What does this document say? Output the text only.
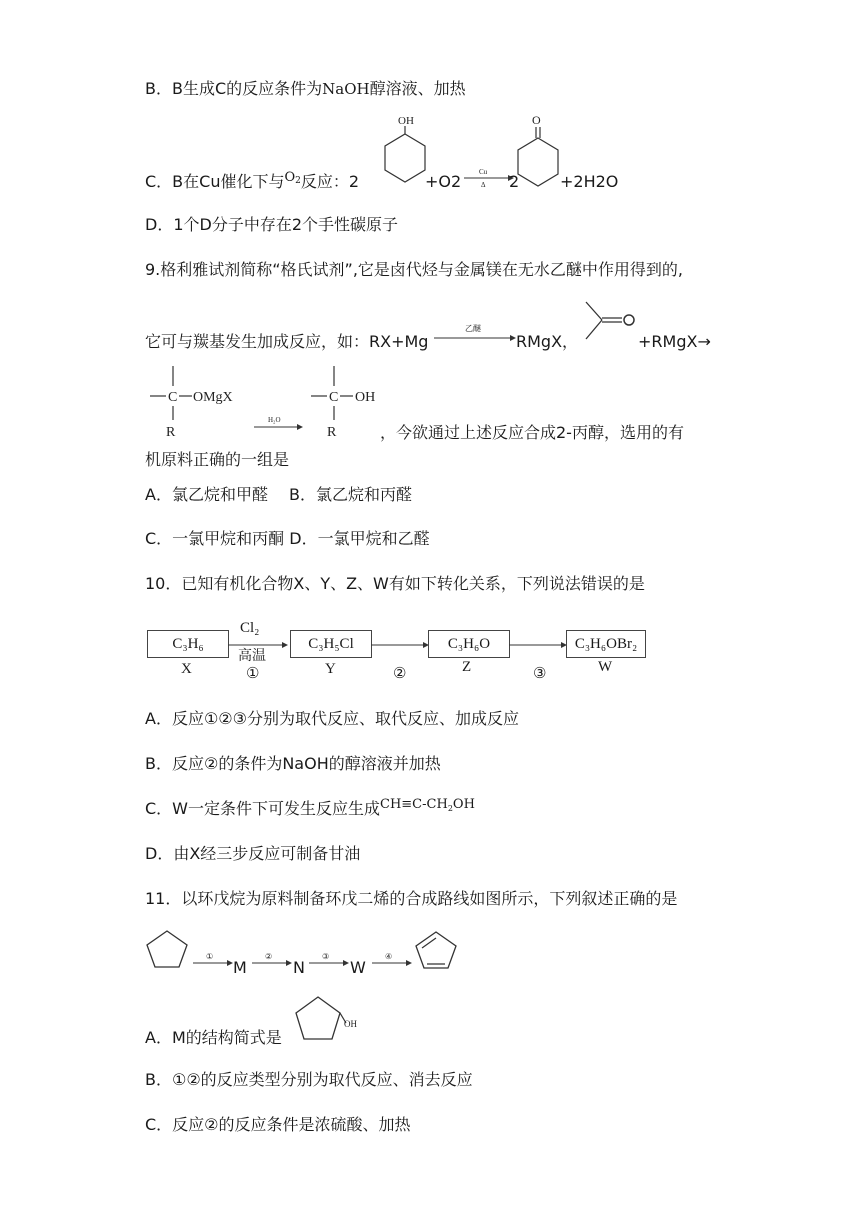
B．B生成C的反应条件为NaOH醇溶液、加热
C．B在Cu催化下与$^{O2}$反应：2
OH
+O2	Cu
Δ 2
O
+2H2O
D．1个D分子中存在2个手性碳原子
9.格利雅试剂简称“格氏试剂”,它是卤代烃与金属镁在无水乙醚中作用得到的,
它可与羰基发生加成反应，如：RX+Mg
乙醚
RMgX，	+RMgX→
C OMgX
R
H₂O
C OH
R	，今欲通过上述反应合成2-丙醇，选用的有
机原料正确的一组是
A．氯乙烷和甲醛　 B．氯乙烷和丙醛
C．一氯甲烷和丙酮 D．一氯甲烷和乙醛
10．已知有机化合物X、Y、Z、W有如下转化关系，下列说法错误的是
C₃H₆
X
Cl₂
高温
①
C₃H₅Cl
Y	②
C₃H₆O
Z	③
C₃H₆OBr₂
W
A．反应①②③分别为取代反应、取代反应、加成反应
B．反应②的条件为NaOH的醇溶液并加热
C．W一定条件下可发生反应生成$^{CH\equiv C-CH}2^{OH}$
D．由X经三步反应可制备甘油
11．以环戊烷为原料制备环戊二烯的合成路线如图所示，下列叙述正确的是
①
M
②
N
③
W
④
A．M的结构简式是
OH
B．①②的反应类型分别为取代反应、消去反应
C．反应②的反应条件是浓硫酸、加热
